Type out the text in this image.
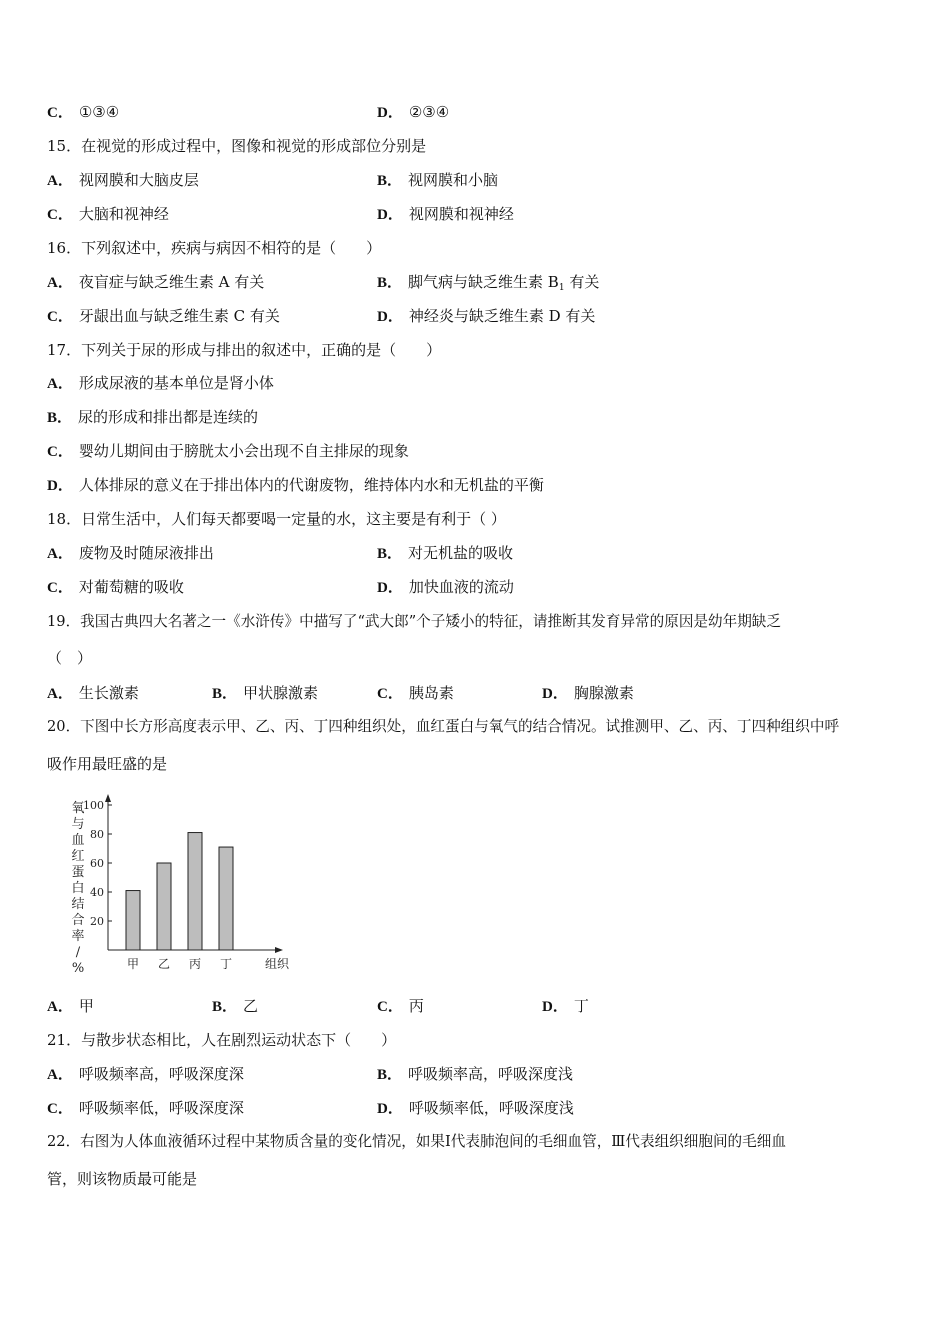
C． ①③④	D． ②③④
15．在视觉的形成过程中，图像和视觉的形成部位分别是
A． 视网膜和大脑皮层	B． 视网膜和小脑
C． 大脑和视神经	D． 视网膜和视神经
16．下列叙述中，疾病与病因不相符的是（　　）
A． 夜盲症与缺乏维生素 A 有关	B． 脚气病与缺乏维生素 $B_1$ 有关
C． 牙龈出血与缺乏维生素 C 有关	D． 神经炎与缺乏维生素 D 有关
17．下列关于尿的形成与排出的叙述中，正确的是（　　）
A． 形成尿液的基本单位是肾小体
B． 尿的形成和排出都是连续的
C． 婴幼儿期间由于膀胱太小会出现不自主排尿的现象
D． 人体排尿的意义在于排出体内的代谢废物，维持体内水和无机盐的平衡
18．日常生活中，人们每天都要喝一定量的水，这主要是有利于（ ）
A． 废物及时随尿液排出	B． 对无机盐的吸收
C． 对葡萄糖的吸收	D． 加快血液的流动
19．我国古典四大名著之一《水浒传》中描写了“武大郎”个子矮小的特征，请推断其发育异常的原因是幼年期缺乏
（　）
A． 生长激素	B． 甲状腺激素	C． 胰岛素	D． 胸腺激素
20．下图中长方形高度表示甲、乙、丙、丁四种组织处，血红蛋白与氧气的结合情况。试推测甲、乙、丙、丁四种组织中呼
吸作用最旺盛的是
氧
与
血
红
蛋
白
结
合
率
/
%
20
40
60
80
100
甲 乙 丙 丁	组织
A． 甲	B． 乙	C． 丙	D． 丁
21．与散步状态相比，人在剧烈运动状态下（　　）
A． 呼吸频率高，呼吸深度深	B． 呼吸频率高，呼吸深度浅
C． 呼吸频率低，呼吸深度深	D． 呼吸频率低，呼吸深度浅
22．右图为人体血液循环过程中某物质含量的变化情况，如果Ⅰ代表肺泡间的毛细血管，Ⅲ代表组织细胞间的毛细血
管，则该物质最可能是
